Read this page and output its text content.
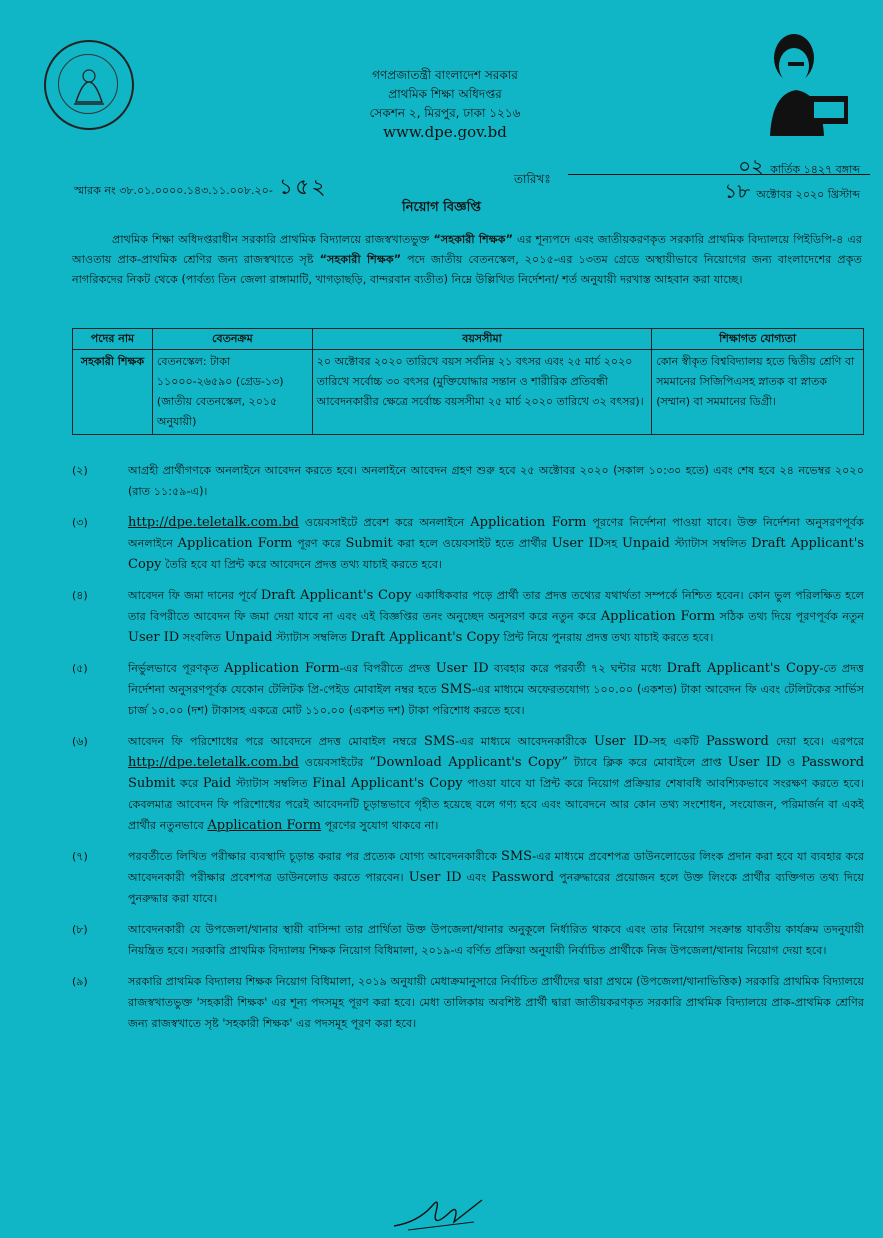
গণপ্রজাতন্ত্রী বাংলাদেশ সরকার
প্রাথমিক শিক্ষা অধিদপ্তর
সেকশন ২, মিরপুর, ঢাকা ১২১৬
www.dpe.gov.bd
স্মারক নং ৩৮.০১.০০০০.১৪৩.১১.০০৮.২০- ১৫২	তারিখঃ
০২ কার্তিক ১৪২৭ বঙ্গাব্দ
১৮ অক্টোবর ২০২০ খ্রিস্টাব্দ
নিয়োগ বিজ্ঞপ্তি
প্রাথমিক শিক্ষা অধিদপ্তরাধীন সরকারি প্রাথমিক বিদ্যালয়ে রাজস্বখাতভুক্ত “সহকারী শিক্ষক” এর শূন্যপদে এবং জাতীয়করণকৃত সরকারি প্রাথমিক বিদ্যালয়ে পিইডিপি-৪ এর আওতায় প্রাক-প্রাথমিক শ্রেণির জন্য রাজস্বখাতে সৃষ্ট “সহকারী শিক্ষক” পদে জাতীয় বেতনস্কেল, ২০১৫-এর ১৩তম গ্রেডে অস্থায়ীভাবে নিয়োগের জন্য বাংলাদেশের প্রকৃত নাগরিকদের নিকট থেকে (পার্বত্য তিন জেলা রাঙ্গামাটি, খাগড়াছড়ি, বান্দরবান ব্যতীত) নিম্নে উল্লিখিত নির্দেশনা/ শর্ত অনুযায়ী দরখাস্ত আহবান করা যাচ্ছে।
পদের নাম	বেতনক্রম	বয়সসীমা	শিক্ষাগত যোগ্যতা
সহকারী শিক্ষক	বেতনস্কেল: টাকা ১১০০০-২৬৫৯০ (গ্রেড-১৩) (জাতীয় বেতনস্কেল, ২০১৫ অনুযায়ী)	২০ অক্টোবর ২০২০ তারিখে বয়স সর্বনিম্ন ২১ বৎসর এবং ২৫ মার্চ ২০২০ তারিখে সর্বোচ্চ ৩০ বৎসর (মুক্তিযোদ্ধার সন্তান ও শারীরিক প্রতিবন্ধী আবেদনকারীর ক্ষেত্রে সর্বোচ্চ বয়সসীমা ২৫ মার্চ ২০২০ তারিখে ৩২ বৎসর)।	কোন স্বীকৃত বিশ্ববিদ্যালয় হতে দ্বিতীয় শ্রেণি বা সমমানের সিজিপিএসহ স্নাতক বা স্নাতক (সম্মান) বা সমমানের ডিগ্রী।
(২)	আগ্রহী প্রার্থীগণকে অনলাইনে আবেদন করতে হবে। অনলাইনে আবেদন গ্রহণ শুরু হবে ২৫ অক্টোবর ২০২০ (সকাল ১০:৩০ হতে) এবং শেষ হবে ২৪ নভেম্বর ২০২০ (রাত ১১:৫৯-এ)।
(৩)	http://dpe.teletalk.com.bd ওয়েবসাইটে প্রবেশ করে অনলাইনে Application Form পূরণের নির্দেশনা পাওয়া যাবে। উক্ত নির্দেশনা অনুসরণপূর্বক অনলাইনে Application Form পূরণ করে Submit করা হলে ওয়েবসাইট হতে প্রার্থীর User IDসহ Unpaid স্ট্যাটাস সম্বলিত Draft Applicant's Copy তৈরি হবে যা প্রিন্ট করে আবেদনে প্রদত্ত তথ্য যাচাই করতে হবে।
(৪)	আবেদন ফি জমা দানের পূর্বে Draft Applicant's Copy একাধিকবার পড়ে প্রার্থী তার প্রদত্ত তথ্যের যথার্থতা সম্পর্কে নিশ্চিত হবেন। কোন ভুল পরিলক্ষিত হলে তার বিপরীতে আবেদন ফি জমা দেয়া যাবে না এবং এই বিজ্ঞপ্তির তনং অনুচ্ছেদ অনুসরণ করে নতুন করে Application Form সঠিক তথ্য দিয়ে পূরণপূর্বক নতুন User ID সংবলিত Unpaid স্ট্যাটাস সম্বলিত Draft Applicant's Copy প্রিন্ট নিয়ে পুনরায় প্রদত্ত তথ্য যাচাই করতে হবে।
(৫)	নির্ভুলভাবে পূরণকৃত Application Form-এর বিপরীতে প্রদত্ত User ID ব্যবহার করে পরবর্তী ৭২ ঘন্টার মধ্যে Draft Applicant's Copy-তে প্রদত্ত নির্দেশনা অনুসরণপূর্বক যেকোন টেলিটক প্রি-পেইড মোবাইল নম্বর হতে SMS-এর মাধ্যমে অফেরতযোগ্য ১০০.০০ (একশত) টাকা আবেদন ফি এবং টেলিটকের সার্ভিস চার্জ ১০.০০ (দশ) টাকাসহ একত্রে মোট ১১০.০০ (একশত দশ) টাকা পরিশোধ করতে হবে।
(৬)	আবেদন ফি পরিশোধের পরে আবেদনে প্রদত্ত মোবাইল নম্বরে SMS-এর মাধ্যমে আবেদনকারীকে User ID-সহ একটি Password দেয়া হবে। এরপরে http://dpe.teletalk.com.bd ওয়েবসাইটের “Download Applicant's Copy” ট্যাবে ক্লিক করে মোবাইলে প্রাপ্ত User ID ও Password Submit করে Paid স্ট্যাটাস সম্বলিত Final Applicant's Copy পাওয়া যাবে যা প্রিন্ট করে নিয়োগ প্রক্রিয়ার শেষাবধি আবশ্যিকভাবে সংরক্ষণ করতে হবে। কেবলমাত্র আবেদন ফি পরিশোধের পরেই আবেদনটি চূড়ান্তভাবে গৃহীত হয়েছে বলে গণ্য হবে এবং আবেদনে আর কোন তথ্য সংশোধন, সংযোজন, পরিমার্জন বা একই প্রার্থীর নতুনভাবে Application Form পূরণের সুযোগ থাকবে না।
(৭)	পরবর্তীতে লিখিত পরীক্ষার ব্যবস্থাদি চূড়ান্ত করার পর প্রত্যেক যোগ্য আবেদনকারীকে SMS-এর মাধ্যমে প্রবেশপত্র ডাউনলোডের লিংক প্রদান করা হবে যা ব্যবহার করে আবেদনকারী পরীক্ষার প্রবেশপত্র ডাউনলোড করতে পারবেন। User ID এবং Password পুনরুদ্ধারের প্রয়োজন হলে উক্ত লিংকে প্রার্থীর ব্যক্তিগত তথ্য দিয়ে পুনরুদ্ধার করা যাবে।
(৮)	আবেদনকারী যে উপজেলা/থানার স্থায়ী বাসিন্দা তার প্রার্থিতা উক্ত উপজেলা/থানার অনুকূলে নির্ধারিত থাকবে এবং তার নিয়োগ সংক্রান্ত যাবতীয় কার্যক্রম তদনুযায়ী নিয়ন্ত্রিত হবে। সরকারি প্রাথমিক বিদ্যালয় শিক্ষক নিয়োগ বিধিমালা, ২০১৯-এ বর্ণিত প্রক্রিয়া অনুযায়ী নির্বাচিত প্রার্থীকে নিজ উপজেলা/থানায় নিয়োগ দেয়া হবে।
(৯)	সরকারি প্রাথমিক বিদ্যালয় শিক্ষক নিয়োগ বিধিমালা, ২০১৯ অনুযায়ী মেধাক্রমানুসারে নির্বাচিত প্রার্থীদের দ্বারা প্রথমে (উপজেলা/থানাভিত্তিক) সরকারি প্রাথমিক বিদ্যালয়ে রাজস্বখাতভুক্ত 'সহকারী শিক্ষক' এর শূন্য পদসমূহ পূরণ করা হবে। মেধা তালিকায় অবশিষ্ট প্রার্থী দ্বারা জাতীয়করণকৃত সরকারি প্রাথমিক বিদ্যালয়ে প্রাক-প্রাথমিক শ্রেণির জন্য রাজস্বখাতে সৃষ্ট 'সহকারী শিক্ষক' এর পদসমূহ পূরণ করা হবে।
